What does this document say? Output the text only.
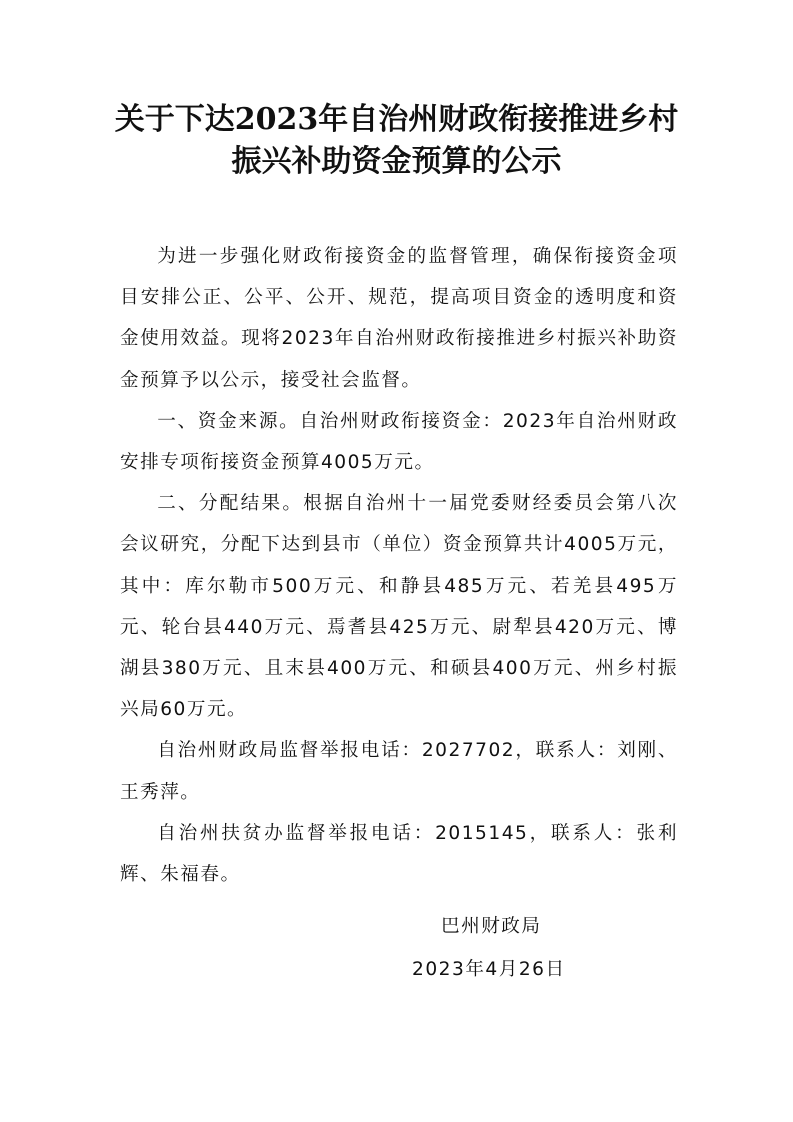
关于下达2023年自治州财政衔接推进乡村
振兴补助资金预算的公示

为进一步强化财政衔接资金的监督管理，确保衔接资金项目安排公正、公平、公开、规范，提高项目资金的透明度和资金使用效益。现将2023年自治州财政衔接推进乡村振兴补助资金预算予以公示，接受社会监督。

一、资金来源。自治州财政衔接资金：2023年自治州财政安排专项衔接资金预算4005万元。

二、分配结果。根据自治州十一届党委财经委员会第八次会议研究，分配下达到县市（单位）资金预算共计4005万元，其中：库尔勒市500万元、和静县485万元、若羌县495万元、轮台县440万元、焉耆县425万元、尉犁县420万元、博湖县380万元、且末县400万元、和硕县400万元、州乡村振兴局60万元。

自治州财政局监督举报电话：2027702，联系人：刘刚、王秀萍。

自治州扶贫办监督举报电话：2015145，联系人：张利辉、朱福春。

巴州财政局
2023年4月26日
